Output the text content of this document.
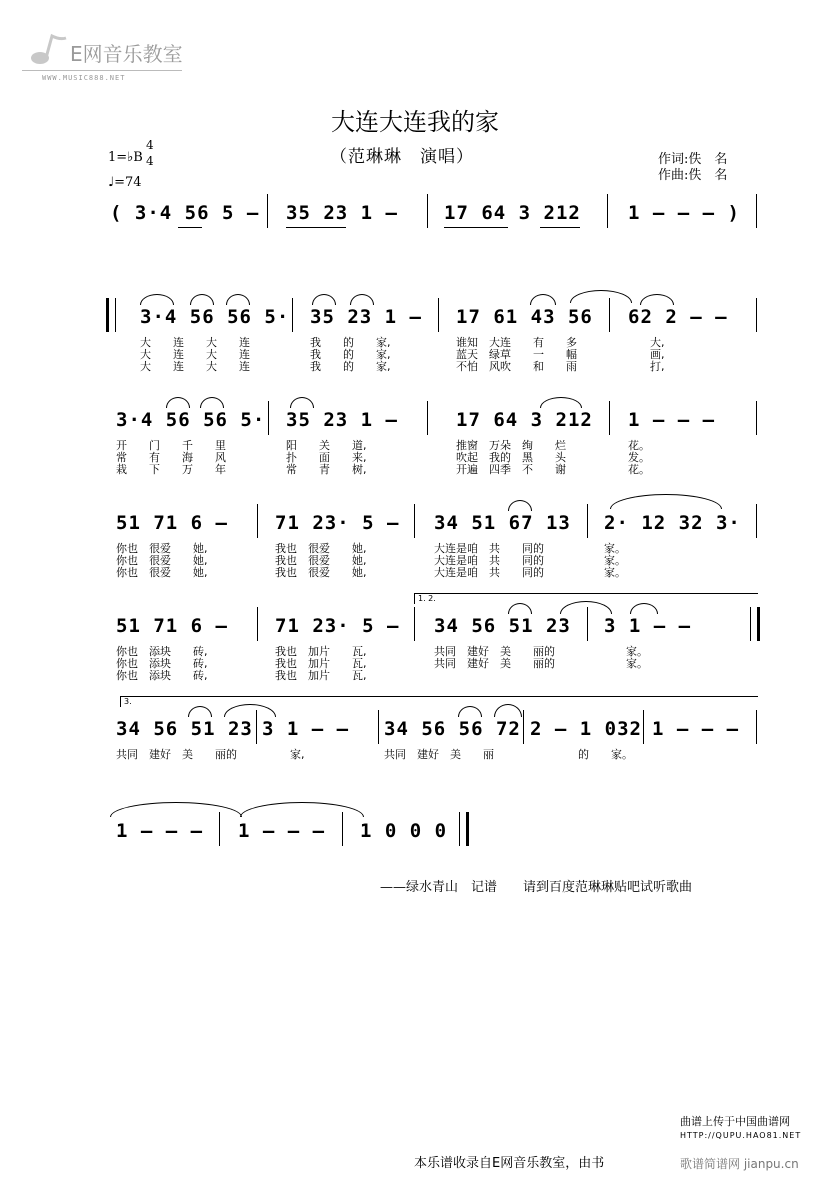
E网音乐教室
WWW.MUSIC888.NET
大连大连我的家
（范琳琳　演唱）	作词:佚　名
作曲:佚　名
1=♭B
4
4
♩=74
( 3·4 56 5 – 35 23 1 – 17 64 3 212 1 – – – )
3·4 56 56 5· 35 23 1 – 17 61 43 56 62 2 – –
大　　连　　大　　连	我　　的　　家,	谁知　大连　　有　　多	大,
大　　连　　大　　连	我　　的　　家,	蓝天　绿草　　一　　幅	画,
大　　连　　大　　连	我　　的　　家,	不怕　风吹　　和　　雨	打,
3·4 56 56 5· 35 23 1 –	17 64 3 212 1 – – –
开　　门　　千　　里	阳　　关　　道,	推窗　万朵　绚　　烂	花。
常　　有　　海　　风	扑　　面　　来,	吹起　我的　黑　　头	发。
栽　　下　　万　　年	常　　青　　树,	开遍　四季　不　　谢	花。
51 71 6 – 71 23· 5 – 34 51 67 13 2· 12 32 3·
你也　很爱　　她,	我也　很爱　　她,	大连是咱　共　　同的	家。
你也　很爱　　她,	我也　很爱　　她,	大连是咱　共　　同的	家。
你也　很爱　　她,	我也　很爱　　她,	大连是咱　共　　同的	家。
1. 2.
51 71 6 – 71 23· 5 – 34 56 51 23 3 1 – –
你也　添块　　砖,	我也　加片　　瓦,	共同　建好　美　　丽的	家。
你也　添块　　砖,	我也　加片　　瓦,	共同　建好　美　　丽的	家。
你也　添块　　砖,	我也　加片　　瓦,
3.
34 56 51 23 3 1 – – 34 56 56 72 2 – 1 032 1 – – –
共同　建好　美　　丽的	家,	共同　建好　美　　丽	的　　家。
1 – – – 1 – – – 1 0 0 0
——绿水青山　记谱　　请到百度范琳琳贴吧试听歌曲
曲谱上传于中国曲谱网
HTTP://QUPU.HAO81.NET
本乐谱收录自E网音乐教室，由书	歌谱简谱网 jianpu.cn
